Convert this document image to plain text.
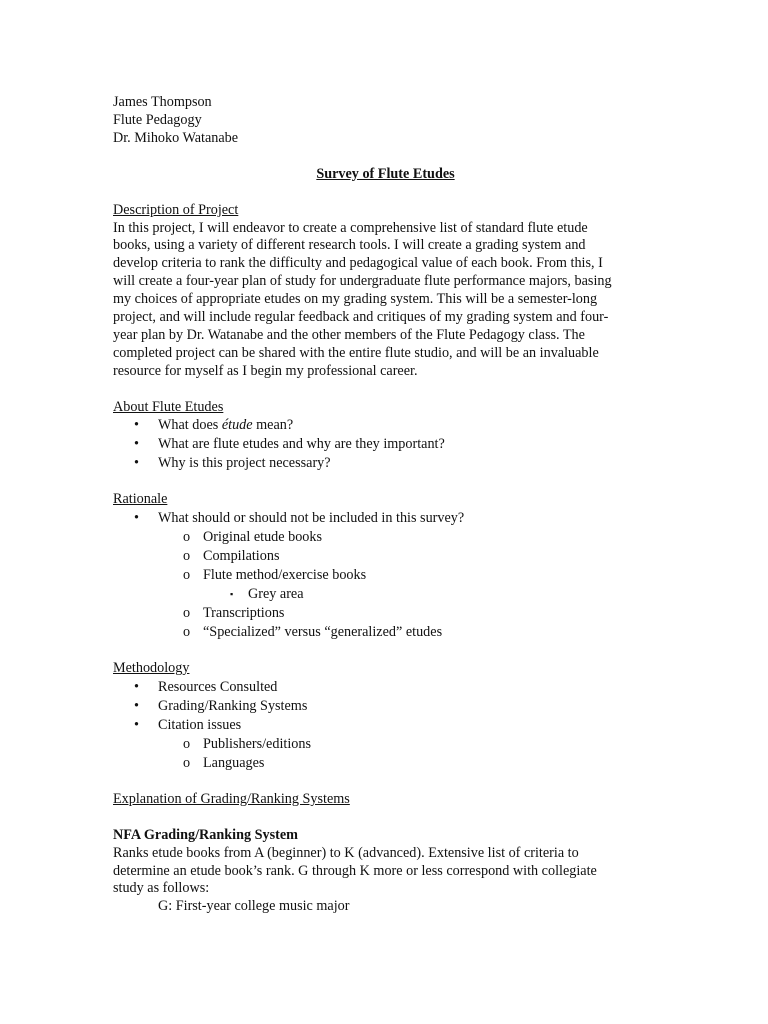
James Thompson

Flute Pedagogy

Dr. Mihoko Watanabe

Survey of Flute Etudes

Description of Project

In this project, I will endeavor to create a comprehensive list of standard flute etude

books, using a variety of different research tools. I will create a grading system and

develop criteria to rank the difficulty and pedagogical value of each book. From this, I

will create a four-year plan of study for undergraduate flute performance majors, basing

my choices of appropriate etudes on my grading system. This will be a semester-long

project, and will include regular feedback and critiques of my grading system and four-

year plan by Dr. Watanabe and the other members of the Flute Pedagogy class. The

completed project can be shared with the entire flute studio, and will be an invaluable

resource for myself as I begin my professional career.

About Flute Etudes

• What does étude mean?
• What are flute etudes and why are they important?
• Why is this project necessary?

Rationale

• What should or should not be included in this survey?
o Original etude books
o Compilations
o Flute method/exercise books
▪ Grey area
o Transcriptions
o “Specialized” versus “generalized” etudes

Methodology

• Resources Consulted
• Grading/Ranking Systems
• Citation issues
o Publishers/editions
o Languages

Explanation of Grading/Ranking Systems

NFA Grading/Ranking System

Ranks etude books from A (beginner) to K (advanced). Extensive list of criteria to

determine an etude book’s rank. G through K more or less correspond with collegiate

study as follows:

G: First-year college music major
